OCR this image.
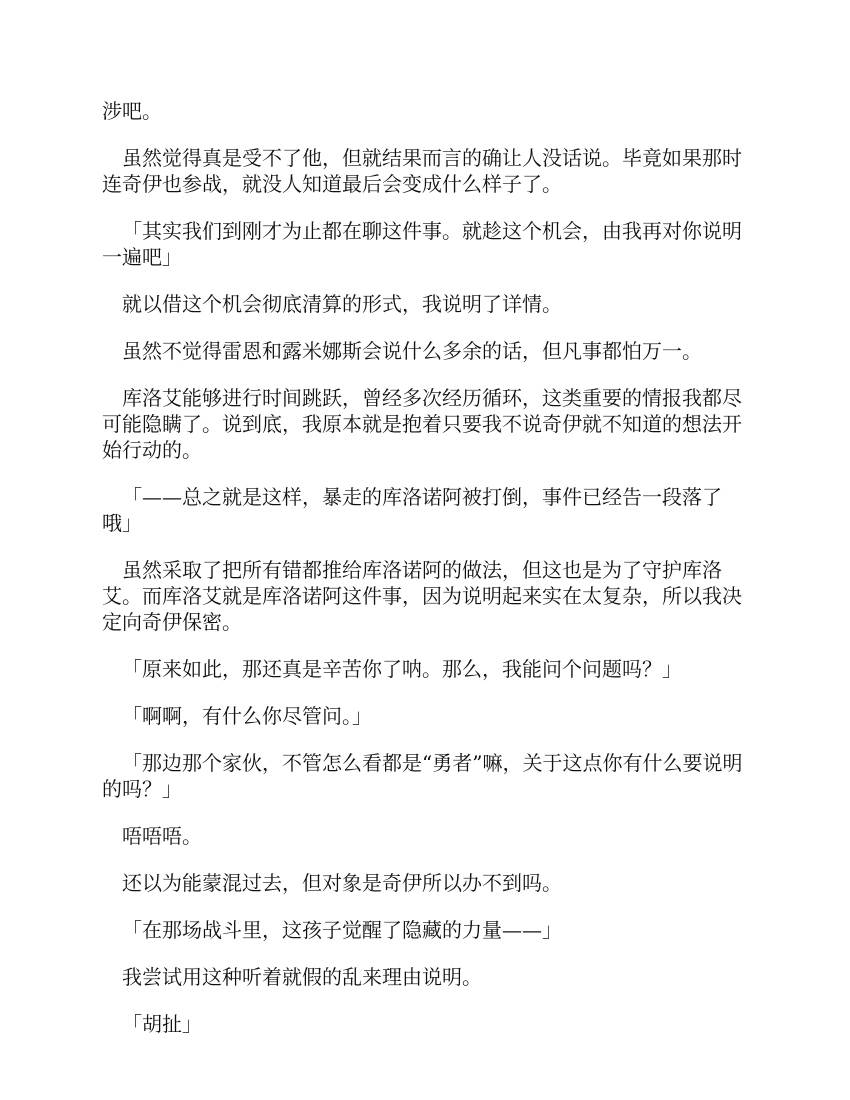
涉吧。

虽然觉得真是受不了他，但就结果而言的确让人没话说。毕竟如果那时连奇伊也参战，就没人知道最后会变成什么样子了。

「其实我们到刚才为止都在聊这件事。就趁这个机会，由我再对你说明一遍吧」

就以借这个机会彻底清算的形式，我说明了详情。

虽然不觉得雷恩和露米娜斯会说什么多余的话，但凡事都怕万一。

库洛艾能够进行时间跳跃，曾经多次经历循环，这类重要的情报我都尽可能隐瞒了。说到底，我原本就是抱着只要我不说奇伊就不知道的想法开始行动的。

「——总之就是这样，暴走的库洛诺阿被打倒，事件已经告一段落了哦」

虽然采取了把所有错都推给库洛诺阿的做法，但这也是为了守护库洛艾。而库洛艾就是库洛诺阿这件事，因为说明起来实在太复杂，所以我决定向奇伊保密。

「原来如此，那还真是辛苦你了呐。那么，我能问个问题吗？」

「啊啊，有什么你尽管问。」

「那边那个家伙，不管怎么看都是“勇者”嘛，关于这点你有什么要说明的吗？」

唔唔唔。

还以为能蒙混过去，但对象是奇伊所以办不到吗。

「在那场战斗里，这孩子觉醒了隐藏的力量——」

我尝试用这种听着就假的乱来理由说明。

「胡扯」
